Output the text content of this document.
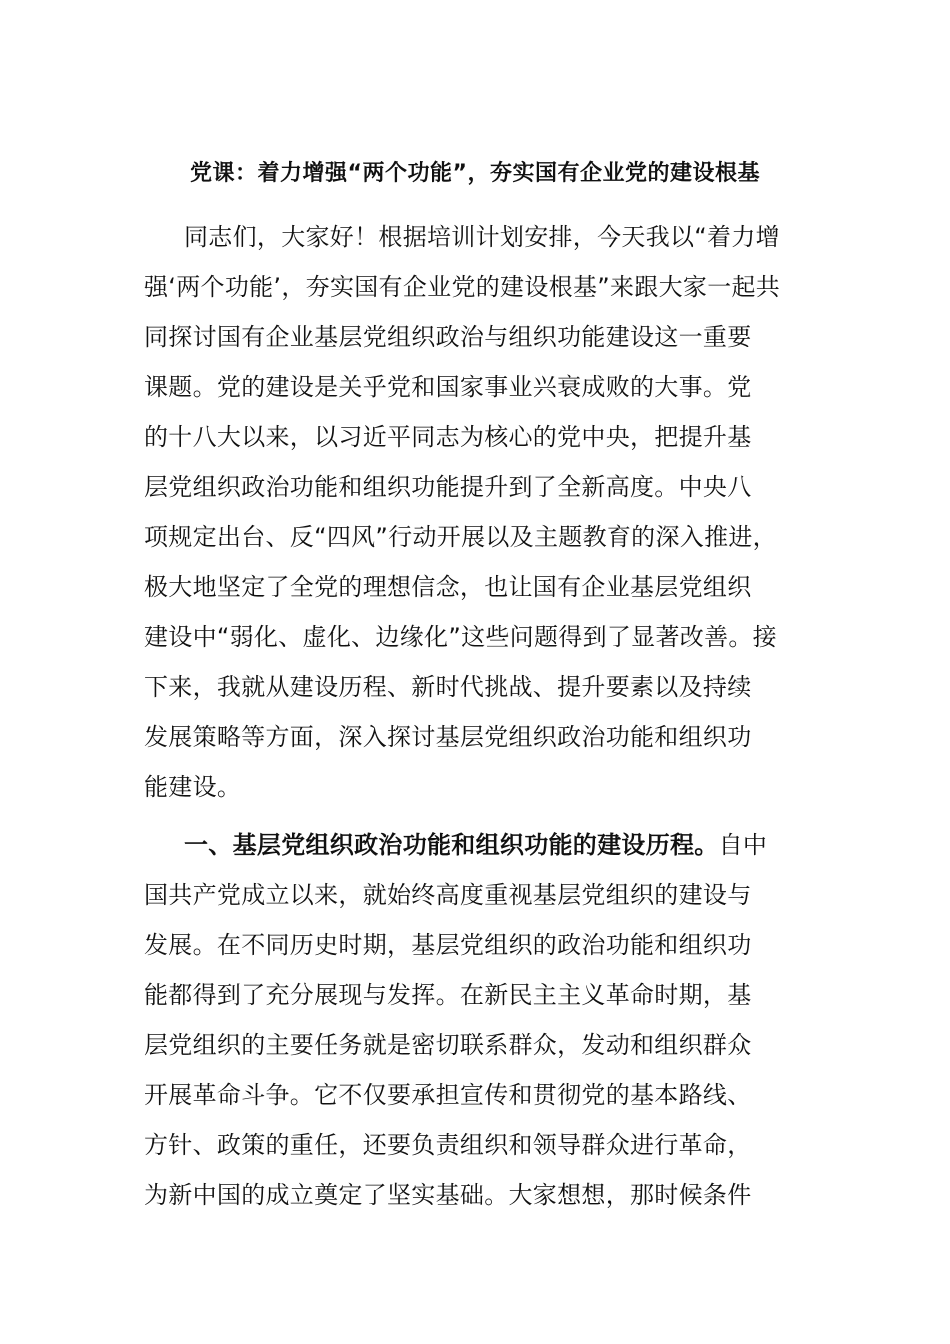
党课：着力增强“两个功能”，夯实国有企业党的建设根基
同志们，大家好！根据培训计划安排，今天我以“着力增
强‘两个功能’，夯实国有企业党的建设根基”来跟大家一起共
同探讨国有企业基层党组织政治与组织功能建设这一重要
课题。党的建设是关乎党和国家事业兴衰成败的大事。党
的十八大以来，以习近平同志为核心的党中央，把提升基
层党组织政治功能和组织功能提升到了全新高度。中央八
项规定出台、反“四风”行动开展以及主题教育的深入推进，
极大地坚定了全党的理想信念，也让国有企业基层党组织
建设中“弱化、虚化、边缘化”这些问题得到了显著改善。接
下来，我就从建设历程、新时代挑战、提升要素以及持续
发展策略等方面，深入探讨基层党组织政治功能和组织功
能建设。
一、基层党组织政治功能和组织功能的建设历程。自中
国共产党成立以来，就始终高度重视基层党组织的建设与
发展。在不同历史时期，基层党组织的政治功能和组织功
能都得到了充分展现与发挥。在新民主主义革命时期，基
层党组织的主要任务就是密切联系群众，发动和组织群众
开展革命斗争。它不仅要承担宣传和贯彻党的基本路线、
方针、政策的重任，还要负责组织和领导群众进行革命，
为新中国的成立奠定了坚实基础。大家想想，那时候条件
